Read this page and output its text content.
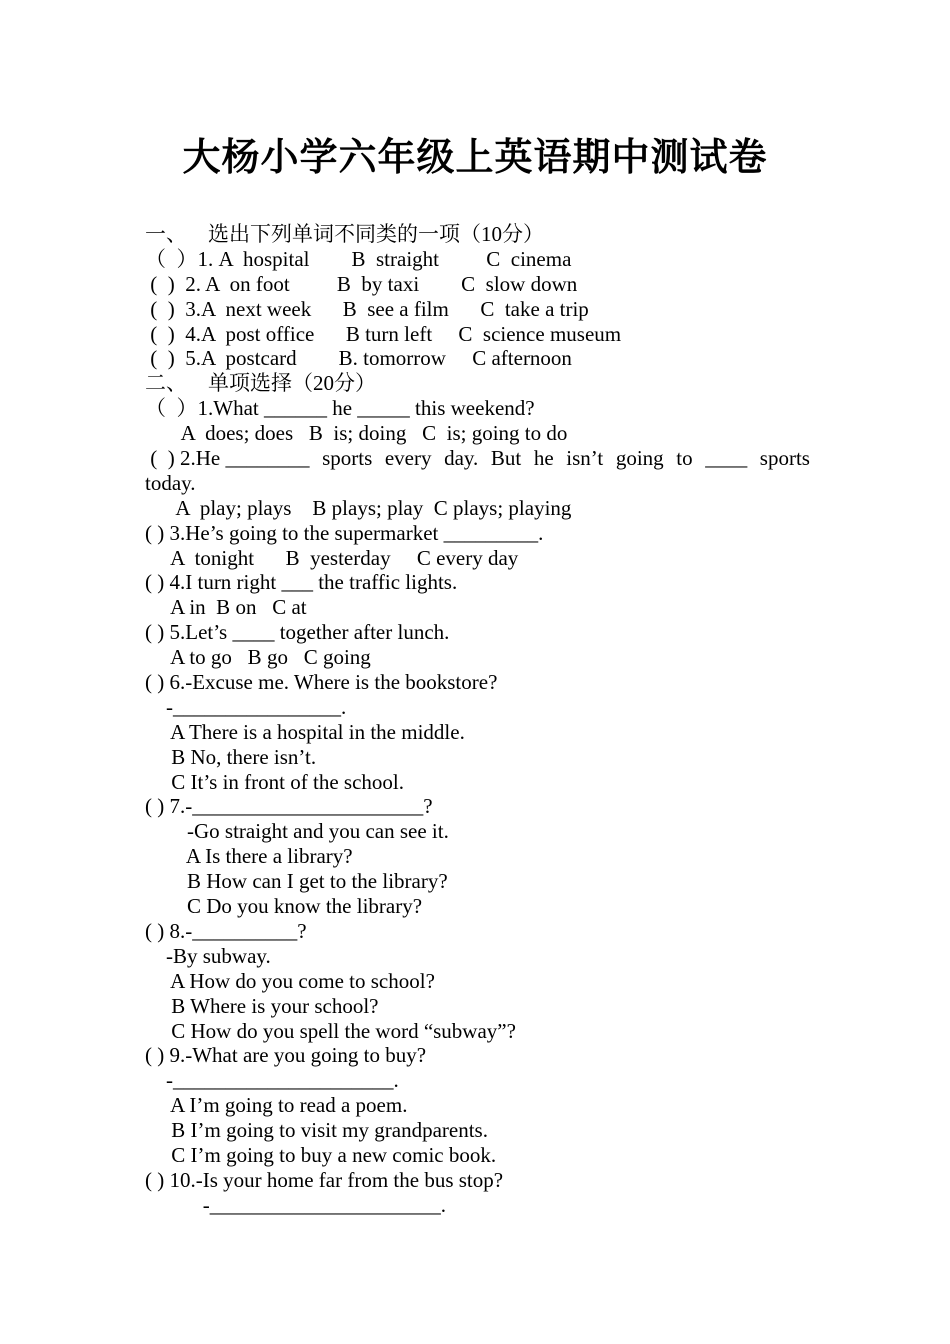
大杨小学六年级上英语期中测试卷
一、    选出下列单词不同类的一项（10分）
（  ）1. A  hospital        B  straight         C  cinema
(  )  2. A  on foot         B  by taxi        C  slow down
(  )  3.A  next week      B  see a film      C  take a trip
(  )  4.A  post office      B turn left     C  science museum
(  )  5.A  postcard        B. tomorrow     C afternoon
二、    单项选择（20分）
（  ）1.What ______ he _____ this weekend?
A  does; does   B  is; doing   C  is; going to do
(  ) 2.He ________ sports every day. But he isn’t going to ____ sports
today.
A  play; plays    B plays; play  C plays; playing
( ) 3.He’s going to the supermarket _________.
A  tonight      B  yesterday     C every day
( ) 4.I turn right ___ the traffic lights.
A in  B on   C at
( ) 5.Let’s ____ together after lunch.
A to go   B go   C going
( ) 6.-Excuse me. Where is the bookstore?
-________________.
A There is a hospital in the middle.
B No, there isn’t.
C It’s in front of the school.
( ) 7.-______________________?
-Go straight and you can see it.
A Is there a library?
B How can I get to the library?
C Do you know the library?
( ) 8.-__________?
-By subway.
A How do you come to school?
B Where is your school?
C How do you spell the word “subway”?
( ) 9.-What are you going to buy?
-_____________________.
A I’m going to read a poem.
B I’m going to visit my grandparents.
C I’m going to buy a new comic book.
( ) 10.-Is your home far from the bus stop?
-______________________.
